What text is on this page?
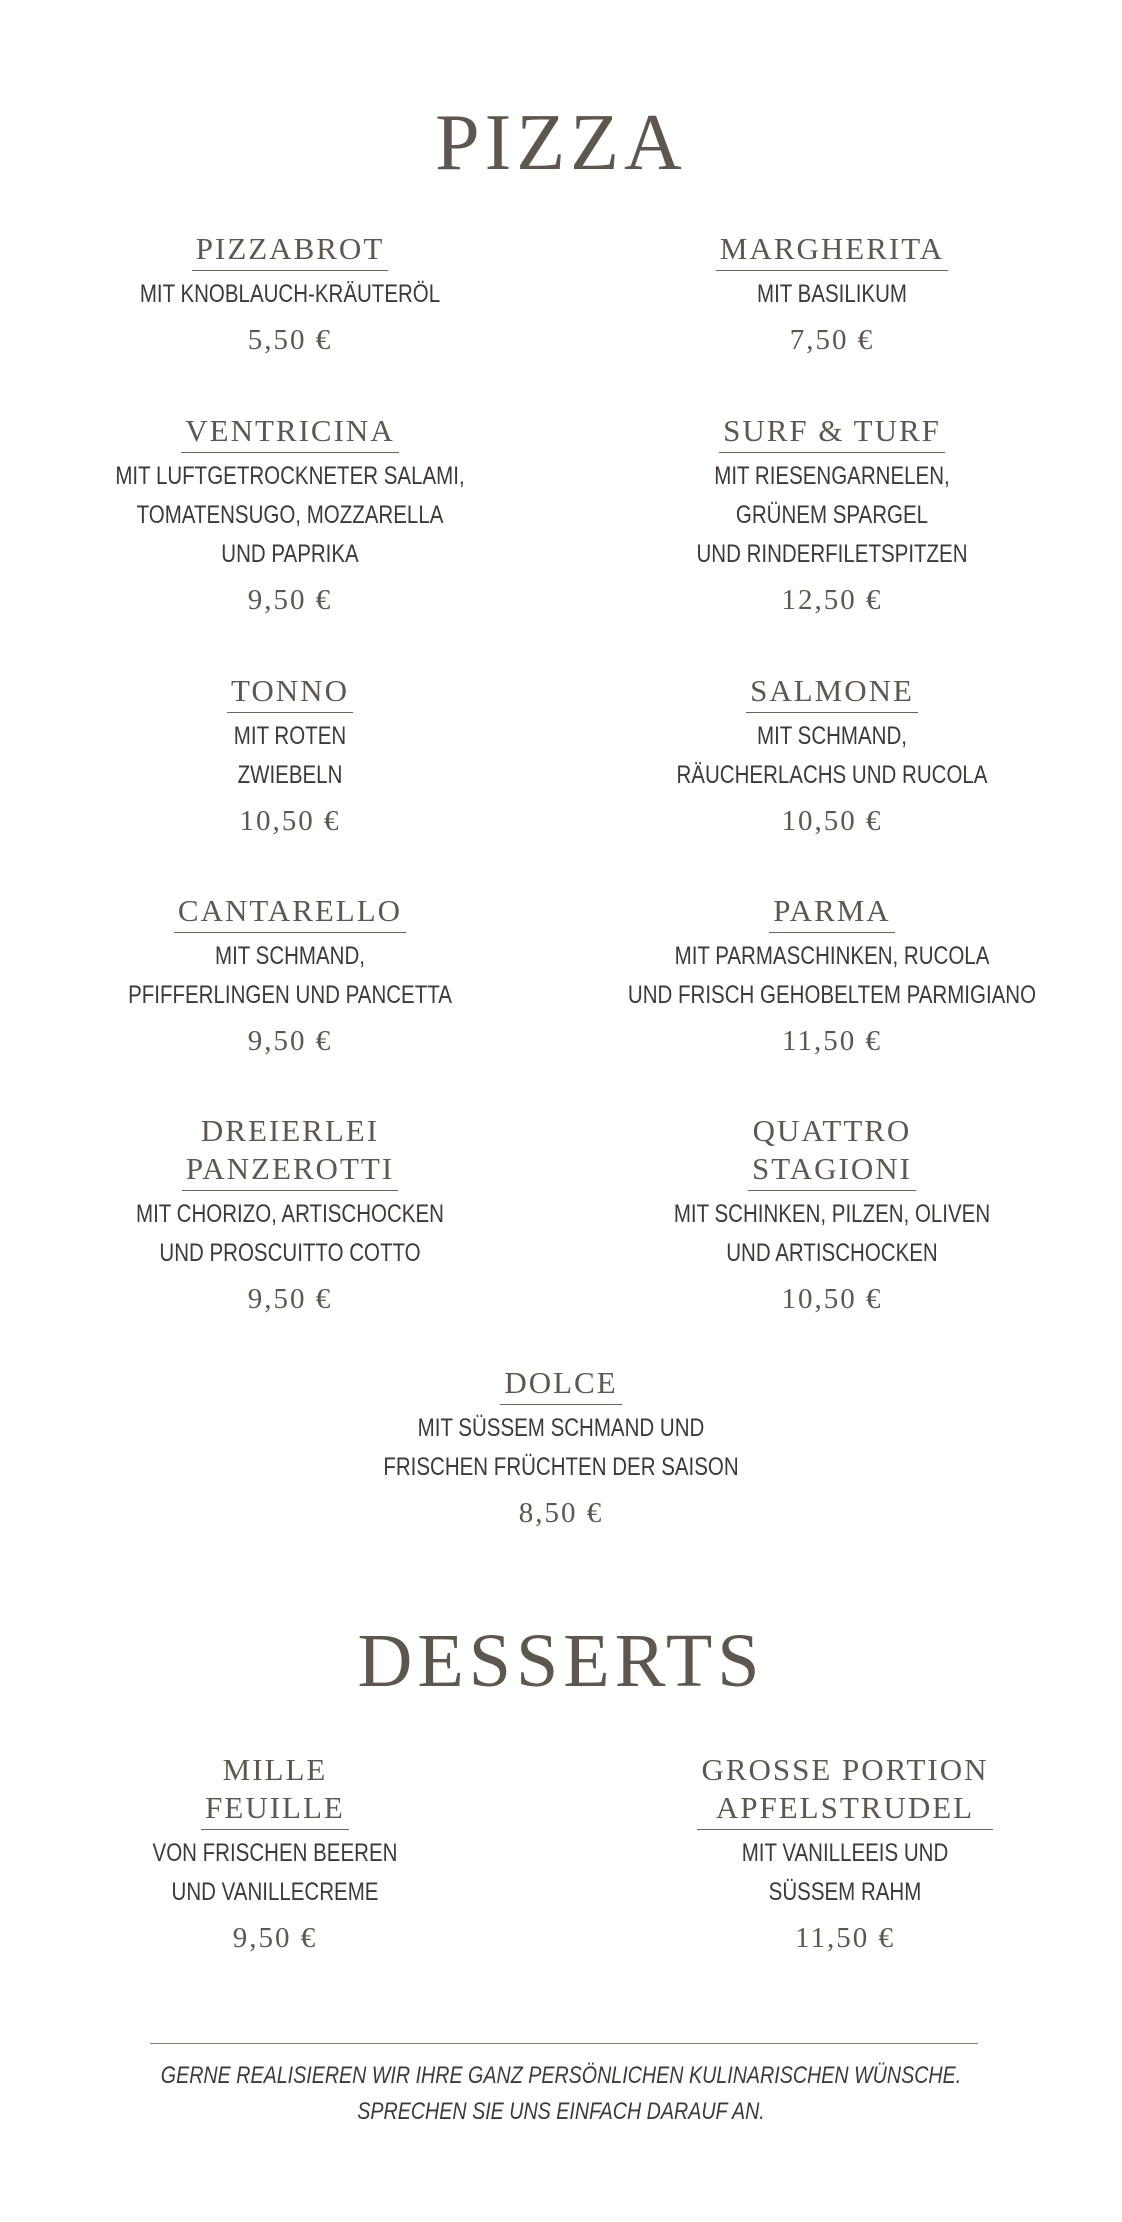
PIZZA
PIZZABROT
MIT KNOBLAUCH-KRÄUTERÖL
5,50 €
MARGHERITA
MIT BASILIKUM
7,50 €
VENTRICINA
MIT LUFTGETROCKNETER SALAMI,
TOMATENSUGO, MOZZARELLA
UND PAPRIKA
9,50 €
SURF & TURF
MIT RIESENGARNELEN,
GRÜNEM SPARGEL
UND RINDERFILETSPITZEN
12,50 €
TONNO
MIT ROTEN
ZWIEBELN
10,50 €
SALMONE
MIT SCHMAND,
RÄUCHERLACHS UND RUCOLA
10,50 €
CANTARELLO
MIT SCHMAND,
PFIFFERLINGEN UND PANCETTA
9,50 €
PARMA
MIT PARMASCHINKEN, RUCOLA
UND FRISCH GEHOBELTEM PARMIGIANO
11,50 €
DREIERLEI
PANZEROTTI
MIT CHORIZO, ARTISCHOCKEN
UND PROSCUITTO COTTO
9,50 €
QUATTRO
STAGIONI
MIT SCHINKEN, PILZEN, OLIVEN
UND ARTISCHOCKEN
10,50 €
DOLCE
MIT SÜSSEM SCHMAND UND
FRISCHEN FRÜCHTEN DER SAISON
8,50 €
DESSERTS
MILLE
FEUILLE
VON FRISCHEN BEEREN
UND VANILLECREME
9,50 €
GROSSE PORTION
APFELSTRUDEL
MIT VANILLEEIS UND
SÜSSEM RAHM
11,50 €
GERNE REALISIEREN WIR IHRE GANZ PERSÖNLICHEN KULINARISCHEN WÜNSCHE.
SPRECHEN SIE UNS EINFACH DARAUF AN.
